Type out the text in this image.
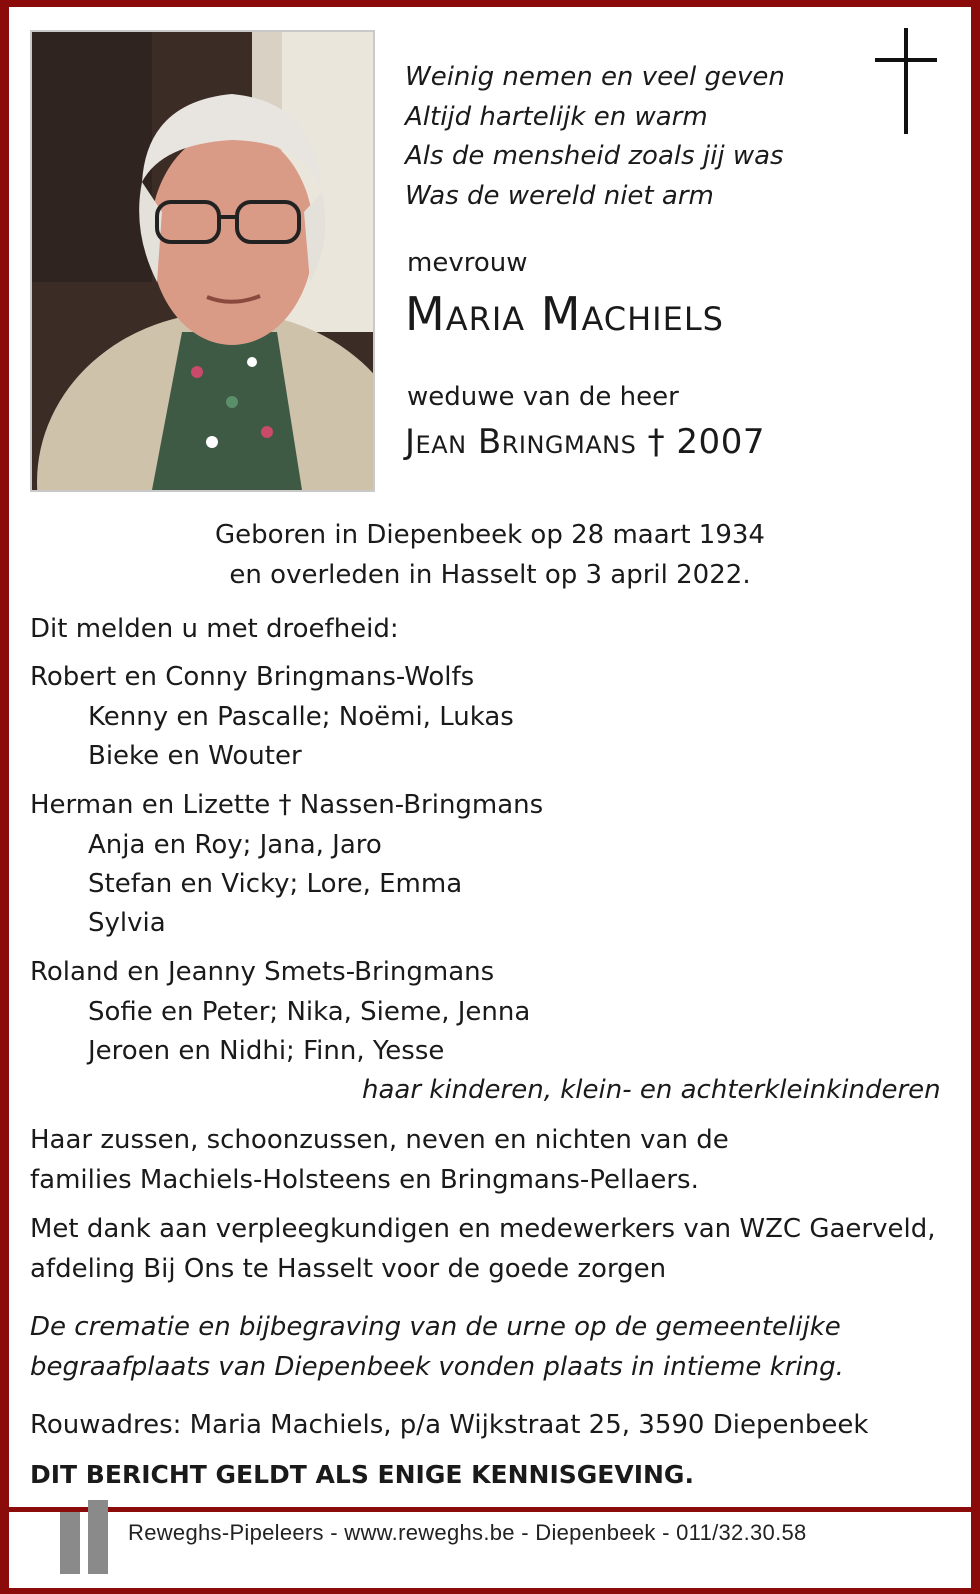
Weinig nemen en veel geven
Altijd hartelijk en warm
Als de mensheid zoals jij was
Was de wereld niet arm
mevrouw
Maria Machiels
weduwe van de heer
Jean Bringmans † 2007
Geboren in Diepenbeek op 28 maart 1934
en overleden in Hasselt op 3 april 2022.
Dit melden u met droefheid:
Robert en Conny Bringmans-Wolfs
Kenny en Pascalle; Noëmi, Lukas
Bieke en Wouter
Herman en Lizette † Nassen-Bringmans
Anja en Roy; Jana, Jaro
Stefan en Vicky; Lore, Emma
Sylvia
Roland en Jeanny Smets-Bringmans
Sofie en Peter; Nika, Sieme, Jenna
Jeroen en Nidhi; Finn, Yesse
haar kinderen, klein- en achterkleinkinderen
Haar zussen, schoonzussen, neven en nichten van de
families Machiels-Holsteens en Bringmans-Pellaers.
Met dank aan verpleegkundigen en medewerkers van WZC Gaerveld,
afdeling Bij Ons te Hasselt voor de goede zorgen
De crematie en bijbegraving van de urne op de gemeentelijke
begraafplaats van Diepenbeek vonden plaats in intieme kring.
Rouwadres: Maria Machiels, p/a Wijkstraat 25, 3590 Diepenbeek
DIT BERICHT GELDT ALS ENIGE KENNISGEVING.
Reweghs-Pipeleers - www.reweghs.be - Diepenbeek - 011/32.30.58
